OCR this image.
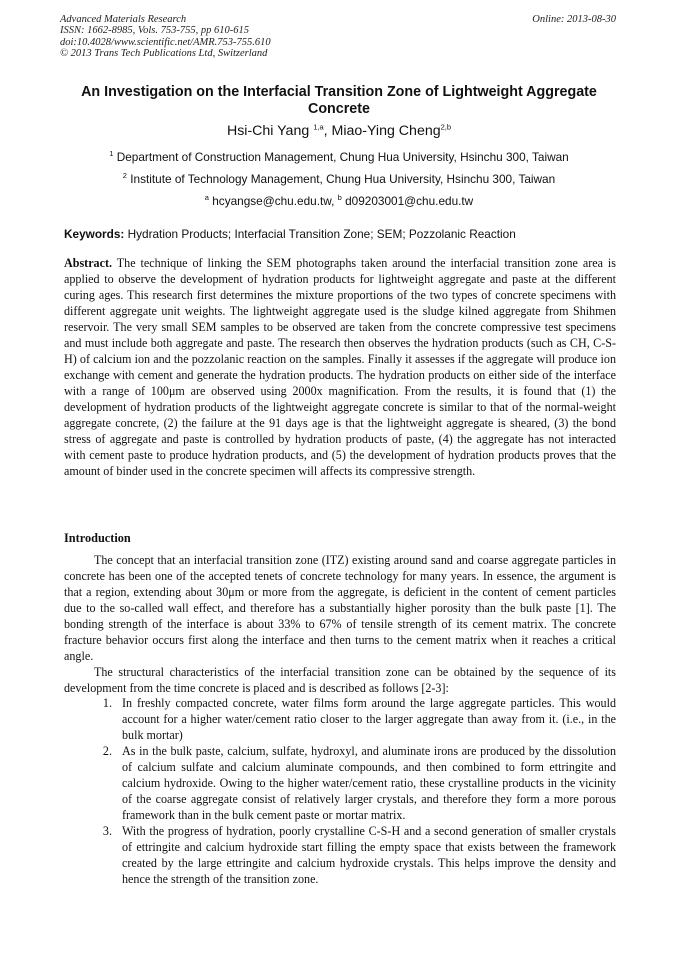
Advanced Materials Research
ISSN: 1662-8985, Vols. 753-755, pp 610-615
doi:10.4028/www.scientific.net/AMR.753-755.610
© 2013 Trans Tech Publications Ltd, Switzerland
Online: 2013-08-30
An Investigation on the Interfacial Transition Zone of Lightweight Aggregate Concrete
Hsi-Chi Yang $^{1,a}$, Miao-Ying Cheng$^{2,b}$
$^1$ Department of Construction Management, Chung Hua University, Hsinchu 300, Taiwan
$^2$ Institute of Technology Management, Chung Hua University, Hsinchu 300, Taiwan
$^a$ hcyangse@chu.edu.tw, $^b$ d09203001@chu.edu.tw
Keywords: Hydration Products; Interfacial Transition Zone; SEM; Pozzolanic Reaction
Abstract. The technique of linking the SEM photographs taken around the interfacial transition zone area is applied to observe the development of hydration products for lightweight aggregate and paste at the different curing ages. This research first determines the mixture proportions of the two types of concrete specimens with different aggregate unit weights. The lightweight aggregate used is the sludge kilned aggregate from Shihmen reservoir. The very small SEM samples to be observed are taken from the concrete compressive test specimens and must include both aggregate and paste. The research then observes the hydration products (such as CH, C-S-H) of calcium ion and the pozzolanic reaction on the samples. Finally it assesses if the aggregate will produce ion exchange with cement and generate the hydration products. The hydration products on either side of the interface with a range of 100μm are observed using 2000x magnification. From the results, it is found that (1) the development of hydration products of the lightweight aggregate concrete is similar to that of the normal-weight aggregate concrete, (2) the failure at the 91 days age is that the lightweight aggregate is sheared, (3) the bond stress of aggregate and paste is controlled by hydration products of paste, (4) the aggregate has not interacted with cement paste to produce hydration products, and (5) the development of hydration products proves that the amount of binder used in the concrete specimen will affects its compressive strength.
Introduction

The concept that an interfacial transition zone (ITZ) existing around sand and coarse aggregate particles in concrete has been one of the accepted tenets of concrete technology for many years. In essence, the argument is that a region, extending about 30μm or more from the aggregate, is deficient in the content of cement particles due to the so-called wall effect, and therefore has a substantially higher porosity than the bulk paste [1]. The bonding strength of the interface is about 33% to 67% of tensile strength of its cement matrix. The concrete fracture behavior occurs first along the interface and then turns to the cement matrix when it reaches a critical angle.

The structural characteristics of the interfacial transition zone can be obtained by the sequence of its development from the time concrete is placed and is described as follows [2-3]:

1. In freshly compacted concrete, water films form around the large aggregate particles. This would account for a higher water/cement ratio closer to the larger aggregate than away from it. (i.e., in the bulk mortar)
2. As in the bulk paste, calcium, sulfate, hydroxyl, and aluminate irons are produced by the dissolution of calcium sulfate and calcium aluminate compounds, and then combined to form ettringite and calcium hydroxide. Owing to the higher water/cement ratio, these crystalline products in the vicinity of the coarse aggregate consist of relatively larger crystals, and therefore they form a more porous framework than in the bulk cement paste or mortar matrix.
3. With the progress of hydration, poorly crystalline C-S-H and a second generation of smaller crystals of ettringite and calcium hydroxide start filling the empty space that exists between the framework created by the large ettringite and calcium hydroxide crystals. This helps improve the density and hence the strength of the transition zone.
